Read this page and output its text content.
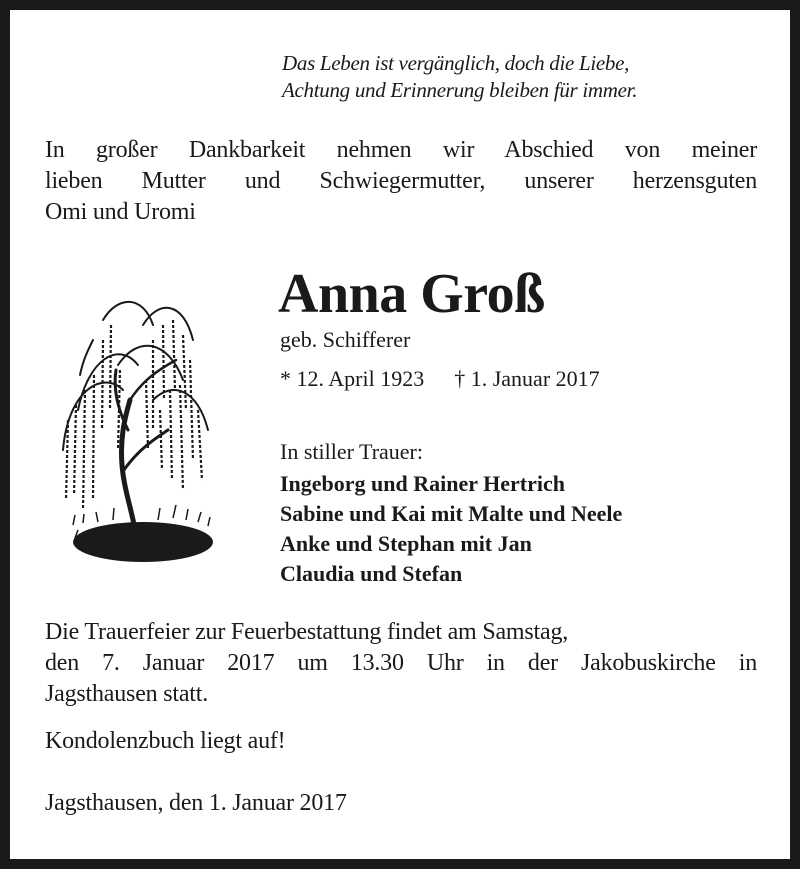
Das Leben ist vergänglich, doch die Liebe,
Achtung und Erinnerung bleiben für immer.
In großer Dankbarkeit nehmen wir Abschied von meiner
lieben Mutter und Schwiegermutter, unserer herzensguten
Omi und Uromi
Anna Groß
geb. Schifferer
* 12. April 1923 † 1. Januar 2017
In stiller Trauer:
Ingeborg und Rainer Hertrich
Sabine und Kai mit Malte und Neele
Anke und Stephan mit Jan
Claudia und Stefan
Die Trauerfeier zur Feuerbestattung findet am Samstag,
den 7. Januar 2017 um 13.30 Uhr in der Jakobuskirche in
Jagsthausen statt.
Kondolenzbuch liegt auf!
Jagsthausen, den 1. Januar 2017
